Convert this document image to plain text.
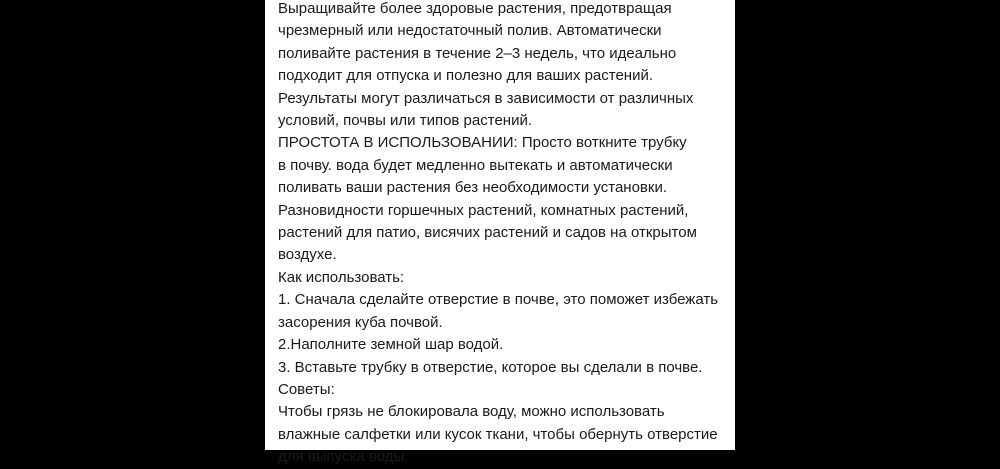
Выращивайте более здоровые растения, предотвращая
чрезмерный или недостаточный полив. Автоматически
поливайте растения в течение 2–3 недель, что идеально
подходит для отпуска и полезно для ваших растений.
Результаты могут различаться в зависимости от различных
условий, почвы или типов растений.
ПРОСТОТА В ИСПОЛЬЗОВАНИИ: Просто воткните трубку
в почву. вода будет медленно вытекать и автоматически
поливать ваши растения без необходимости установки.
Разновидности горшечных растений, комнатных растений,
растений для патио, висячих растений и садов на открытом
воздухе.
Как использовать:
1. Сначала сделайте отверстие в почве, это поможет избежать
засорения куба почвой.
2.Наполните земной шар водой.
3. Вставьте трубку в отверстие, которое вы сделали в почве.
Советы:
Чтобы грязь не блокировала воду, можно использовать
влажные салфетки или кусок ткани, чтобы обернуть отверстие
для выпуска воды.
